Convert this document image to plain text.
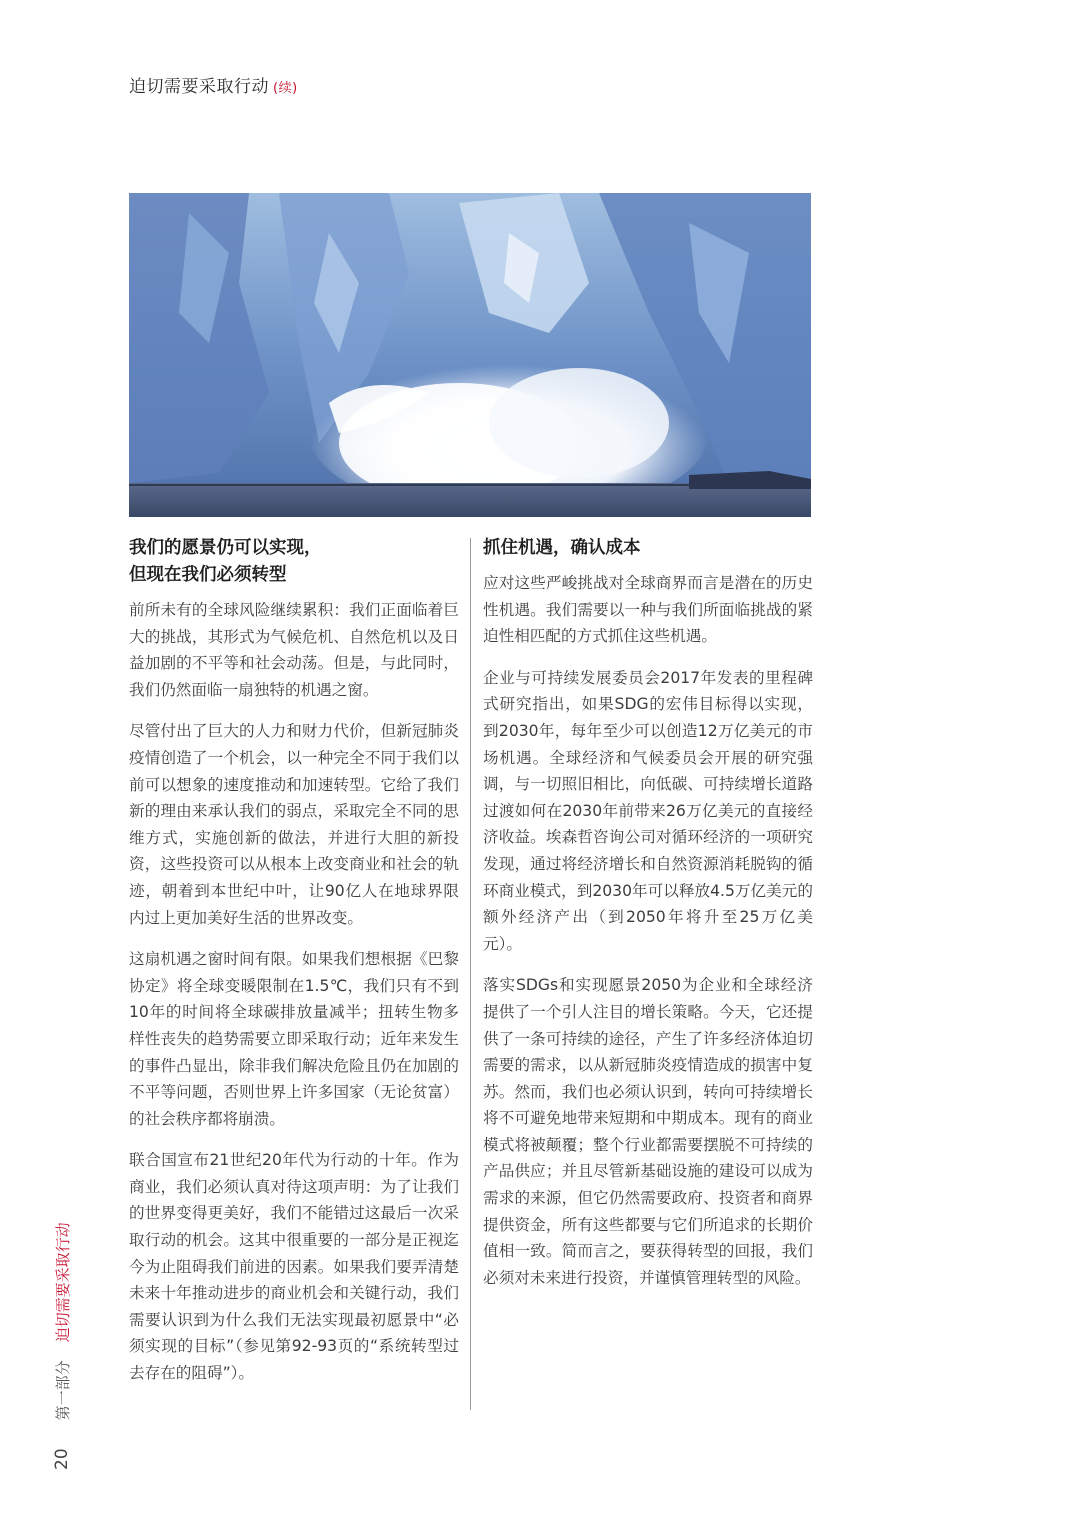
迫切需要采取行动 (续)
我们的愿景仍可以实现，
但现在我们必须转型

前所未有的全球风险继续累积：我们正面临着巨大的挑战，其形式为气候危机、自然危机以及日益加剧的不平等和社会动荡。但是，与此同时，我们仍然面临一扇独特的机遇之窗。

尽管付出了巨大的人力和财力代价，但新冠肺炎疫情创造了一个机会，以一种完全不同于我们以前可以想象的速度推动和加速转型。它给了我们新的理由来承认我们的弱点，采取完全不同的思维方式，实施创新的做法，并进行大胆的新投资，这些投资可以从根本上改变商业和社会的轨迹，朝着到本世纪中叶，让90亿人在地球界限内过上更加美好生活的世界改变。

这扇机遇之窗时间有限。如果我们想根据《巴黎协定》将全球变暖限制在1.5℃，我们只有不到10年的时间将全球碳排放量减半；扭转生物多样性丧失的趋势需要立即采取行动；近年来发生的事件凸显出，除非我们解决危险且仍在加剧的不平等问题，否则世界上许多国家（无论贫富）的社会秩序都将崩溃。

联合国宣布21世纪20年代为行动的十年。作为商业，我们必须认真对待这项声明：为了让我们的世界变得更美好，我们不能错过这最后一次采取行动的机会。这其中很重要的一部分是正视迄今为止阻碍我们前进的因素。如果我们要弄清楚未来十年推动进步的商业机会和关键行动，我们需要认识到为什么我们无法实现最初愿景中“必须实现的目标”（参见第92-93页的“系统转型过去存在的阻碍”）。

抓住机遇，确认成本

应对这些严峻挑战对全球商界而言是潜在的历史性机遇。我们需要以一种与我们所面临挑战的紧迫性相匹配的方式抓住这些机遇。

企业与可持续发展委员会2017年发表的里程碑式研究指出，如果SDG的宏伟目标得以实现，到2030年，每年至少可以创造12万亿美元的市场机遇。全球经济和气候委员会开展的研究强调，与一切照旧相比，向低碳、可持续增长道路过渡如何在2030年前带来26万亿美元的直接经济收益。埃森哲咨询公司对循环经济的一项研究发现，通过将经济增长和自然资源消耗脱钩的循环商业模式，到2030年可以释放4.5万亿美元的额外经济产出（到2050年将升至25万亿美元）。

落实SDGs和实现愿景2050为企业和全球经济提供了一个引人注目的增长策略。今天，它还提供了一条可持续的途径，产生了许多经济体迫切需要的需求，以从新冠肺炎疫情造成的损害中复苏。然而，我们也必须认识到，转向可持续增长将不可避免地带来短期和中期成本。现有的商业模式将被颠覆；整个行业都需要摆脱不可持续的产品供应；并且尽管新基础设施的建设可以成为需求的来源，但它仍然需要政府、投资者和商界提供资金，所有这些都要与它们所追求的长期价值相一致。简而言之，要获得转型的回报，我们必须对未来进行投资，并谨慎管理转型的风险。

20
第一部分
迫切需要采取行动
